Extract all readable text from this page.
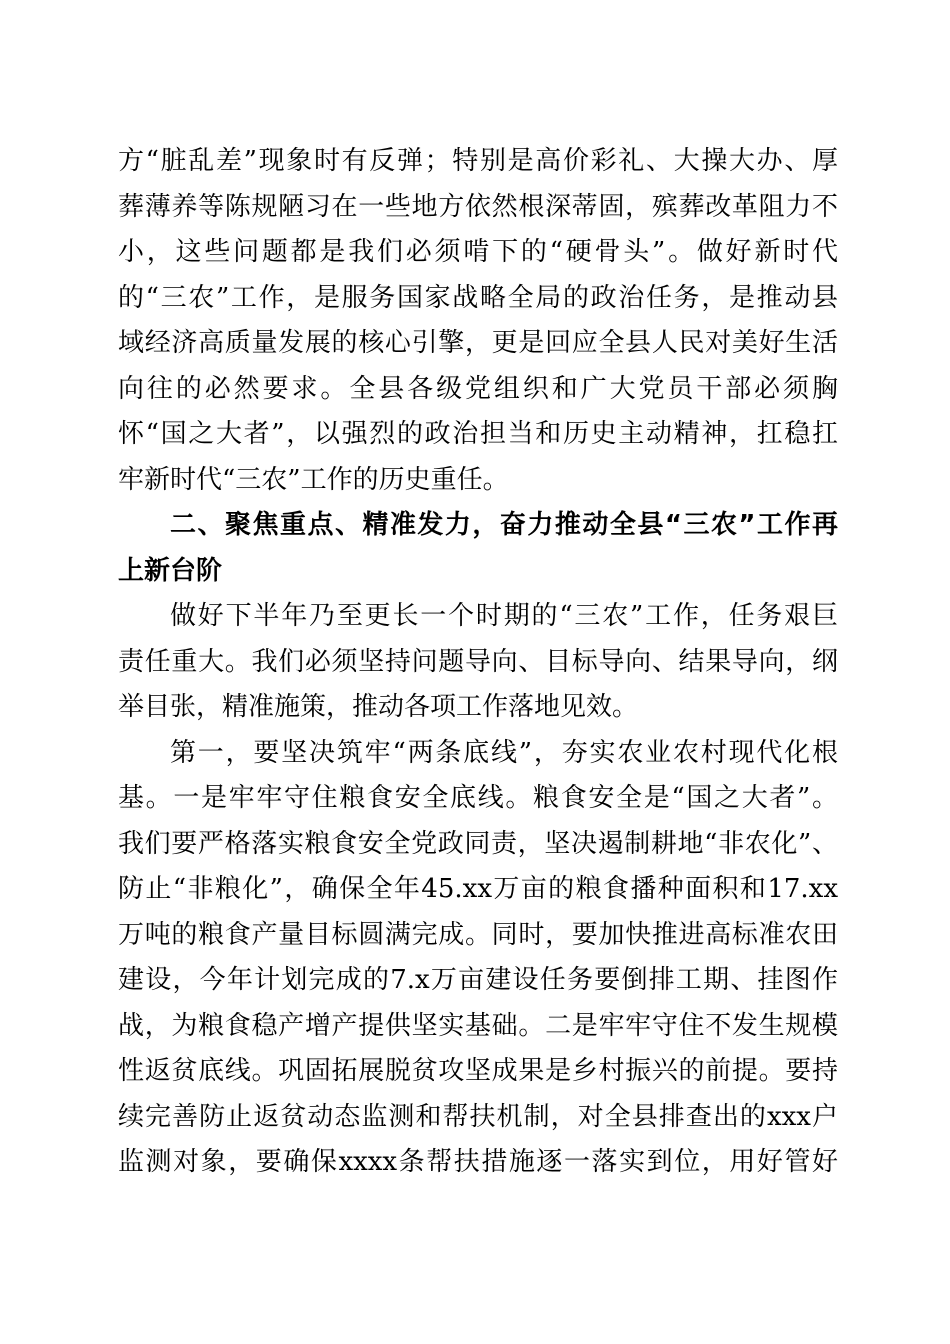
方“脏乱差”现象时有反弹；特别是高价彩礼、大操大办、厚
葬薄养等陈规陋习在一些地方依然根深蒂固，殡葬改革阻力不
小，这些问题都是我们必须啃下的“硬骨头”。做好新时代
的“三农”工作，是服务国家战略全局的政治任务，是推动县
域经济高质量发展的核心引擎，更是回应全县人民对美好生活
向往的必然要求。全县各级党组织和广大党员干部必须胸
怀“国之大者”，以强烈的政治担当和历史主动精神，扛稳扛
牢新时代“三农”工作的历史重任。
二、聚焦重点、精准发力，奋力推动全县“三农”工作再
上新台阶
做好下半年乃至更长一个时期的“三农”工作，任务艰巨
责任重大。我们必须坚持问题导向、目标导向、结果导向，纲
举目张，精准施策，推动各项工作落地见效。
第一，要坚决筑牢“两条底线”，夯实农业农村现代化根
基。一是牢牢守住粮食安全底线。粮食安全是“国之大者”。
我们要严格落实粮食安全党政同责，坚决遏制耕地“非农化”、
防止“非粮化”，确保全年45.xx万亩的粮食播种面积和17.xx
万吨的粮食产量目标圆满完成。同时，要加快推进高标准农田
建设，今年计划完成的7.x万亩建设任务要倒排工期、挂图作
战，为粮食稳产增产提供坚实基础。二是牢牢守住不发生规模
性返贫底线。巩固拓展脱贫攻坚成果是乡村振兴的前提。要持
续完善防止返贫动态监测和帮扶机制，对全县排查出的xxx户
监测对象，要确保xxxx条帮扶措施逐一落实到位，用好管好
